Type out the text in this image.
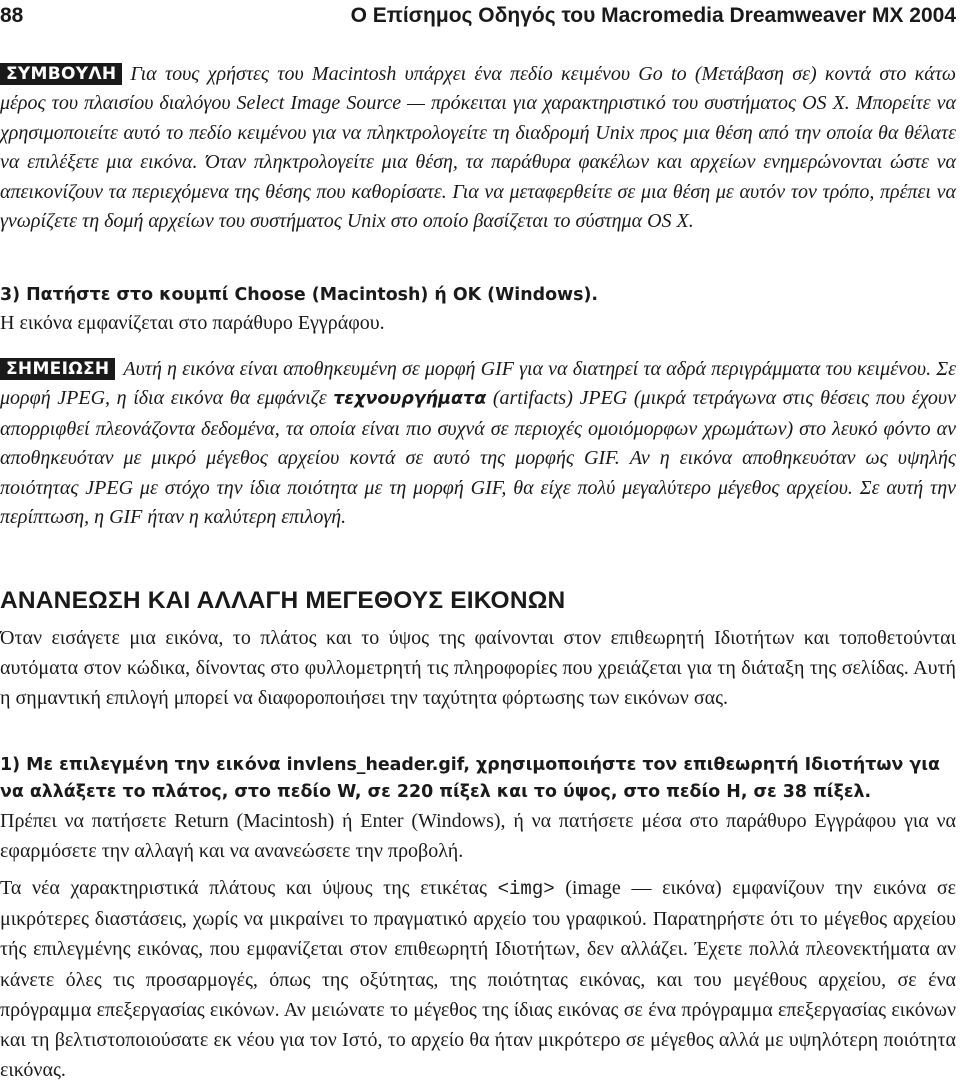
88	Ο Επίσημος Οδηγός του Macromedia Dreamweaver MX 2004

ΣΥΜΒΟΥΛΗ Για τους χρήστες του Macintosh υπάρχει ένα πεδίο κειμένου Go to (Μετάβαση σε) κοντά στο κάτω μέρος του πλαισίου διαλόγου Select Image Source — πρόκειται για χαρακτηριστικό του συστήματος OS X. Μπορείτε να χρησιμοποιείτε αυτό το πεδίο κειμένου για να πληκτρολογείτε τη διαδρομή Unix προς μια θέση από την οποία θα θέλατε να επιλέξετε μια εικόνα. Όταν πληκτρολογείτε μια θέση, τα παράθυρα φακέλων και αρχείων ενημερώνονται ώστε να απεικονίζουν τα περιεχόμενα της θέσης που καθορίσατε. Για να μεταφερθείτε σε μια θέση με αυτόν τον τρόπο, πρέπει να γνωρίζετε τη δομή αρχείων του συστήματος Unix στο οποίο βασίζεται το σύστημα OS X.

3) Πατήστε στο κουμπί Choose (Macintosh) ή OK (Windows).
Η εικόνα εμφανίζεται στο παράθυρο Εγγράφου.

ΣΗΜΕΙΩΣΗ Αυτή η εικόνα είναι αποθηκευμένη σε μορφή GIF για να διατηρεί τα αδρά περιγράμματα του κειμένου. Σε μορφή JPEG, η ίδια εικόνα θα εμφάνιζε τεχνουργήματα (artifacts) JPEG (μικρά τετράγωνα στις θέσεις που έχουν απορριφθεί πλεονάζοντα δεδομένα, τα οποία είναι πιο συχνά σε περιοχές ομοιόμορφων χρωμάτων) στο λευκό φόντο αν αποθηκευόταν με μικρό μέγεθος αρχείου κοντά σε αυτό της μορφής GIF. Αν η εικόνα αποθηκευόταν ως υψηλής ποιότητας JPEG με στόχο την ίδια ποιότητα με τη μορφή GIF, θα είχε πολύ μεγαλύτερο μέγεθος αρχείου. Σε αυτή την περίπτωση, η GIF ήταν η καλύτερη επιλογή.

ΑΝΑΝΕΩΣΗ ΚΑΙ ΑΛΛΑΓΗ ΜΕΓΕΘΟΥΣ ΕΙΚΟΝΩΝ

Όταν εισάγετε μια εικόνα, το πλάτος και το ύψος της φαίνονται στον επιθεωρητή Ιδιοτήτων και τοποθετούνται αυτόματα στον κώδικα, δίνοντας στο φυλλομετρητή τις πληροφορίες που χρειάζεται για τη διάταξη της σελίδας. Αυτή η σημαντική επιλογή μπορεί να διαφοροποιήσει την ταχύτητα φόρτωσης των εικόνων σας.

1) Με επιλεγμένη την εικόνα invlens_header.gif, χρησιμοποιήστε τον επιθεωρητή Ιδιοτήτων για να αλλάξετε το πλάτος, στο πεδίο W, σε 220 πίξελ και το ύψος, στο πεδίο H, σε 38 πίξελ.
Πρέπει να πατήσετε Return (Macintosh) ή Enter (Windows), ή να πατήσετε μέσα στο παράθυρο Εγγράφου για να εφαρμόσετε την αλλαγή και να ανανεώσετε την προβολή.

Τα νέα χαρακτηριστικά πλάτους και ύψους της ετικέτας <img> (image — εικόνα) εμφανίζουν την εικόνα σε μικρότερες διαστάσεις, χωρίς να μικραίνει το πραγματικό αρχείο του γραφικού. Παρατηρήστε ότι το μέγεθος αρχείου τής επιλεγμένης εικόνας, που εμφανίζεται στον επιθεωρητή Ιδιοτήτων, δεν αλλάζει. Έχετε πολλά πλεονεκτήματα αν κάνετε όλες τις προσαρμογές, όπως της οξύτητας, της ποιότητας εικόνας, και του μεγέθους αρχείου, σε ένα πρόγραμμα επεξεργασίας εικόνων. Αν μειώνατε το μέγεθος της ίδιας εικόνας σε ένα πρόγραμμα επεξεργασίας εικόνων και τη βελτιστοποιούσατε εκ νέου για τον Ιστό, το αρχείο θα ήταν μικρότερο σε μέγεθος αλλά με υψηλότερη ποιότητα εικόνας.
